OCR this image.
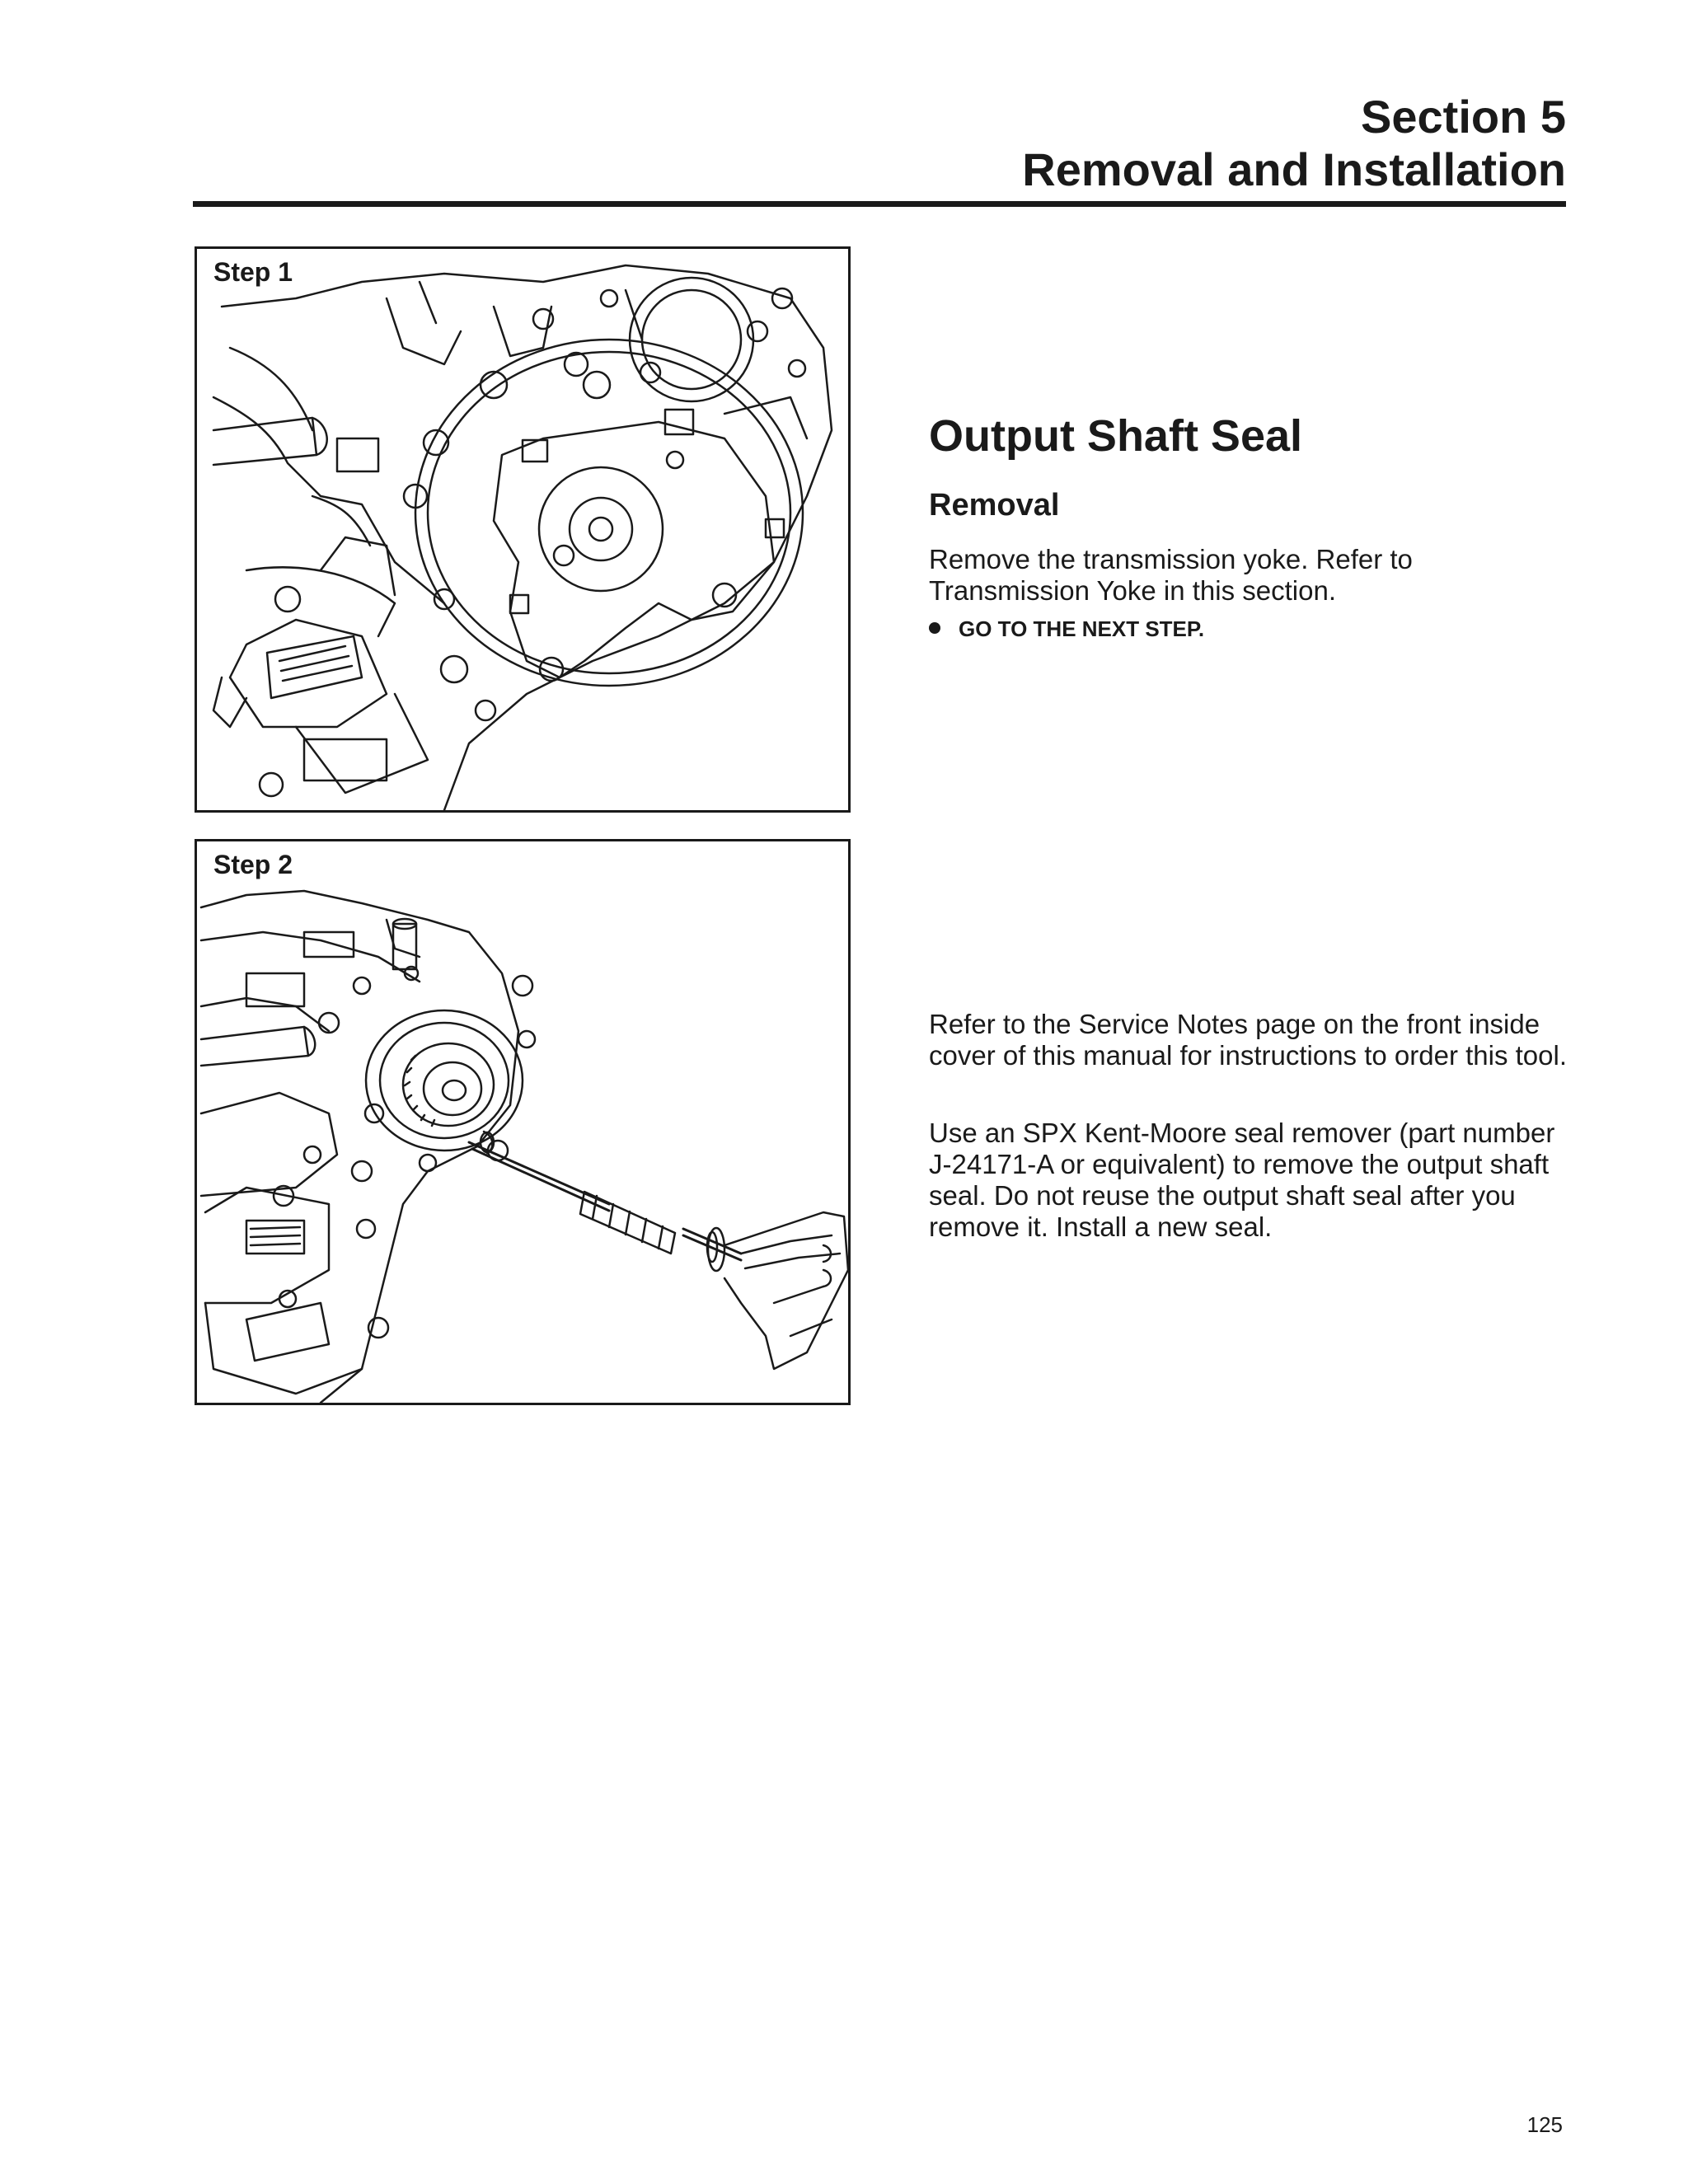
Section 5
Removal and Installation
Step 1
Step 2
Output Shaft Seal
Removal

Remove the transmission yoke. Refer to Transmission Yoke in this section.

GO TO THE NEXT STEP.

Refer to the Service Notes page on the front inside cover of this manual for instructions to order this tool.

Use an SPX Kent-Moore seal remover (part number J-24171-A or equivalent) to remove the output shaft seal. Do not reuse the output shaft seal after you remove it. Install a new seal.

125
